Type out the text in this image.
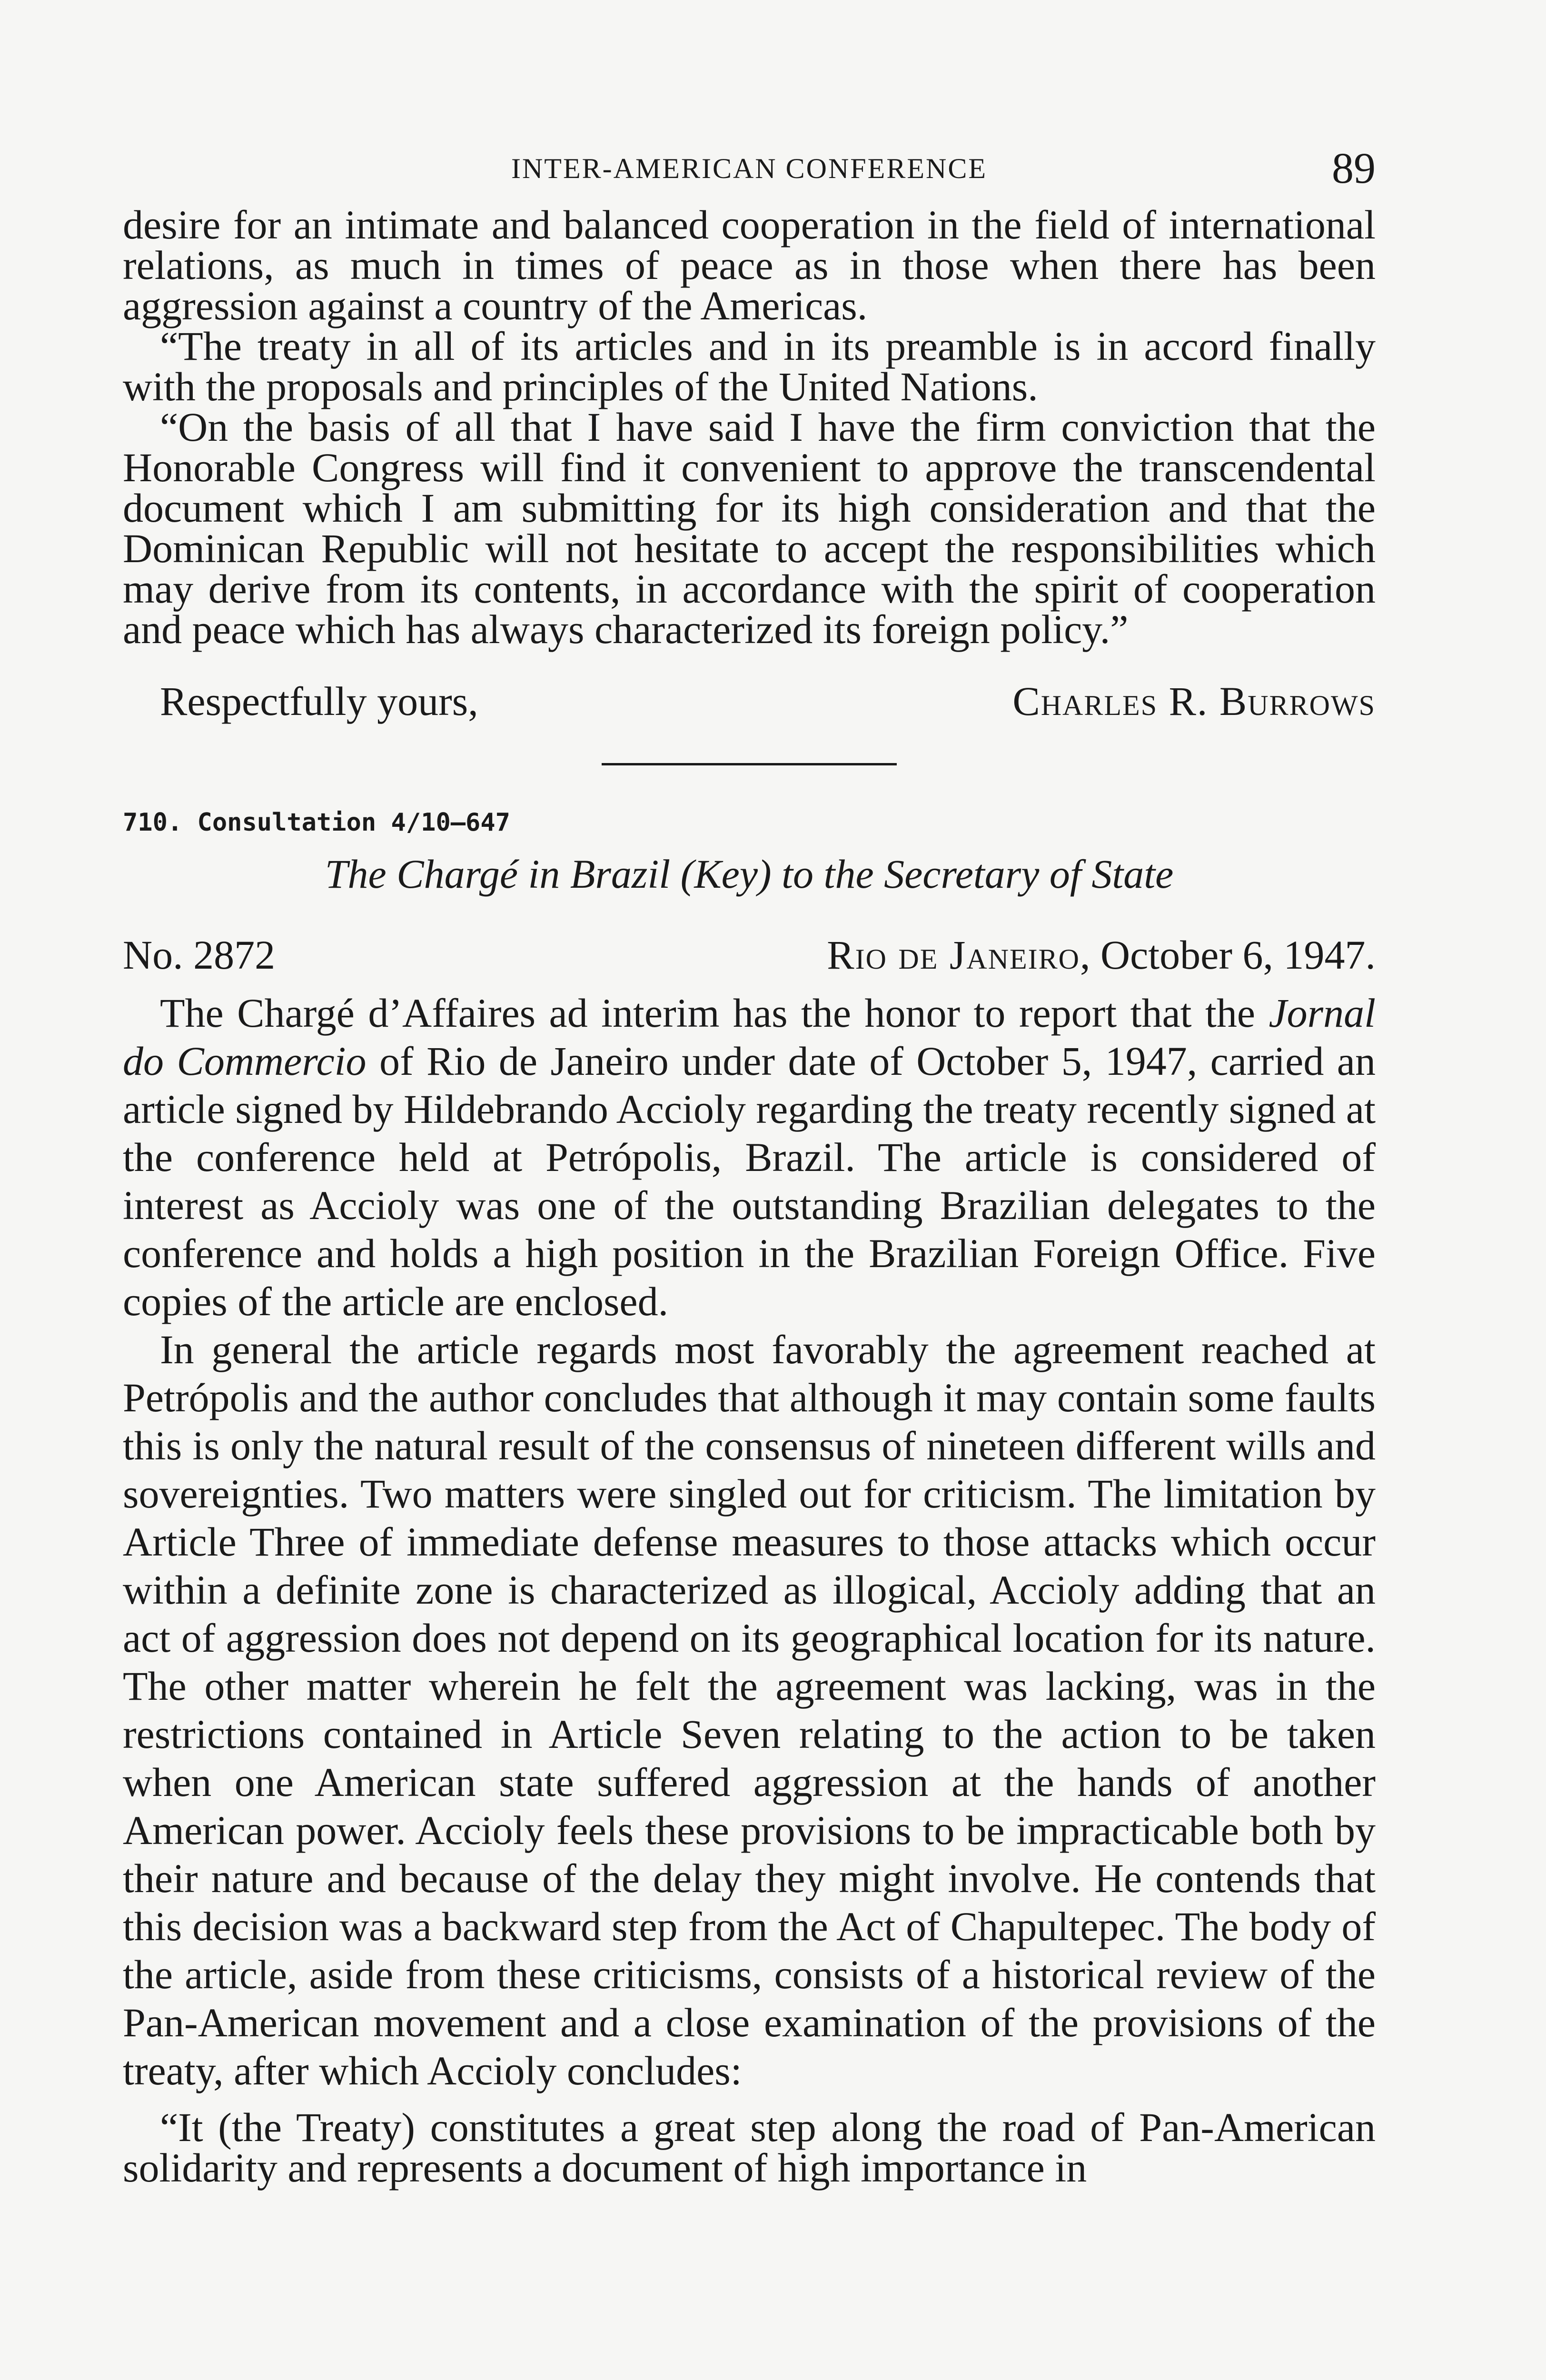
INTER-AMERICAN CONFERENCE	89

desire for an intimate and balanced cooperation in the field of international relations, as much in times of peace as in those when there has been aggression against a country of the Americas.

“The treaty in all of its articles and in its preamble is in accord finally with the proposals and principles of the United Nations.

“On the basis of all that I have said I have the firm conviction that the Honorable Congress will find it convenient to approve the transcendental document which I am submitting for its high consideration and that the Dominican Republic will not hesitate to accept the responsibilities which may derive from its contents, in accordance with the spirit of cooperation and peace which has always characterized its foreign policy.”

Respectfully yours,	Charles R. Burrows

710. Consultation 4/10–647

The Chargé in Brazil (Key) to the Secretary of State

No. 2872	Rio de Janeiro, October 6, 1947.

The Chargé d’Affaires ad interim has the honor to report that the Jornal do Commercio of Rio de Janeiro under date of October 5, 1947, carried an article signed by Hildebrando Accioly regarding the treaty recently signed at the conference held at Petrópolis, Brazil. The article is considered of interest as Accioly was one of the outstanding Brazilian delegates to the conference and holds a high position in the Brazilian Foreign Office. Five copies of the article are enclosed.

In general the article regards most favorably the agreement reached at Petrópolis and the author concludes that although it may contain some faults this is only the natural result of the consensus of nineteen different wills and sovereignties. Two matters were singled out for criticism. The limitation by Article Three of immediate defense measures to those attacks which occur within a definite zone is characterized as illogical, Accioly adding that an act of aggression does not depend on its geographical location for its nature. The other matter wherein he felt the agreement was lacking, was in the restrictions contained in Article Seven relating to the action to be taken when one American state suffered aggression at the hands of another American power. Accioly feels these provisions to be impracticable both by their nature and because of the delay they might involve. He contends that this decision was a backward step from the Act of Chapultepec. The body of the article, aside from these criticisms, consists of a historical review of the Pan-American movement and a close examination of the provisions of the treaty, after which Accioly concludes:

“It (the Treaty) constitutes a great step along the road of Pan-American solidarity and represents a document of high importance in
